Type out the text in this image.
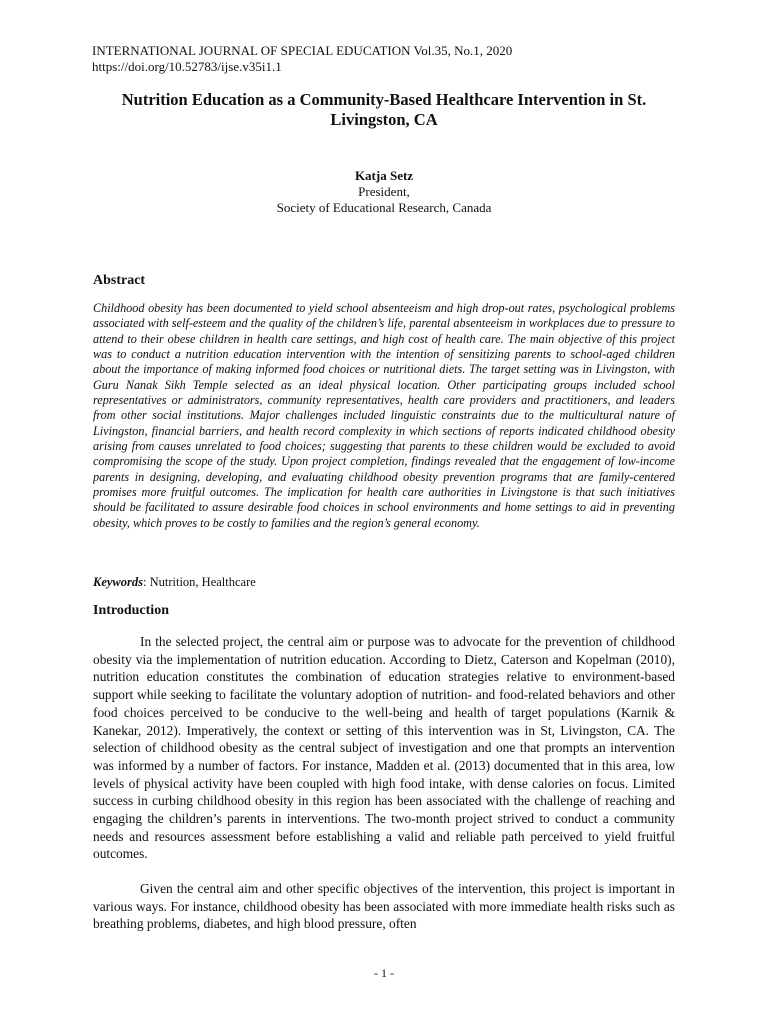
INTERNATIONAL JOURNAL OF SPECIAL EDUCATION Vol.35, No.1, 2020
https://doi.org/10.52783/ijse.v35i1.1
Nutrition Education as a Community-Based Healthcare Intervention in St.
Livingston, CA
Katja Setz
President,
Society of Educational Research, Canada
Abstract

Childhood obesity has been documented to yield school absenteeism and high drop-out rates, psychological problems associated with self-esteem and the quality of the children’s life, parental absenteeism in workplaces due to pressure to attend to their obese children in health care settings, and high cost of health care. The main objective of this project was to conduct a nutrition education intervention with the intention of sensitizing parents to school-aged children about the importance of making informed food choices or nutritional diets. The target setting was in Livingston, with Guru Nanak Sikh Temple selected as an ideal physical location. Other participating groups included school representatives or administrators, community representatives, health care providers and practitioners, and leaders from other social institutions. Major challenges included linguistic constraints due to the multicultural nature of Livingston, financial barriers, and health record complexity in which sections of reports indicated childhood obesity arising from causes unrelated to food choices; suggesting that parents to these children would be excluded to avoid compromising the scope of the study. Upon project completion, findings revealed that the engagement of low-income parents in designing, developing, and evaluating childhood obesity prevention programs that are family-centered promises more fruitful outcomes. The implication for health care authorities in Livingstone is that such initiatives should be facilitated to assure desirable food choices in school environments and home settings to aid in preventing obesity, which proves to be costly to families and the region’s general economy.

Keywords: Nutrition, Healthcare
Introduction

In the selected project, the central aim or purpose was to advocate for the prevention of childhood obesity via the implementation of nutrition education. According to Dietz, Caterson and Kopelman (2010), nutrition education constitutes the combination of education strategies relative to environment-based support while seeking to facilitate the voluntary adoption of nutrition- and food-related behaviors and other food choices perceived to be conducive to the well-being and health of target populations (Karnik & Kanekar, 2012). Imperatively, the context or setting of this intervention was in St, Livingston, CA. The selection of childhood obesity as the central subject of investigation and one that prompts an intervention was informed by a number of factors. For instance, Madden et al. (2013) documented that in this area, low levels of physical activity have been coupled with high food intake, with dense calories on focus. Limited success in curbing childhood obesity in this region has been associated with the challenge of reaching and engaging the children’s parents in interventions. The two-month project strived to conduct a community needs and resources assessment before establishing a valid and reliable path perceived to yield fruitful outcomes.

Given the central aim and other specific objectives of the intervention, this project is important in various ways. For instance, childhood obesity has been associated with more immediate health risks such as breathing problems, diabetes, and high blood pressure, often

- 1 -
